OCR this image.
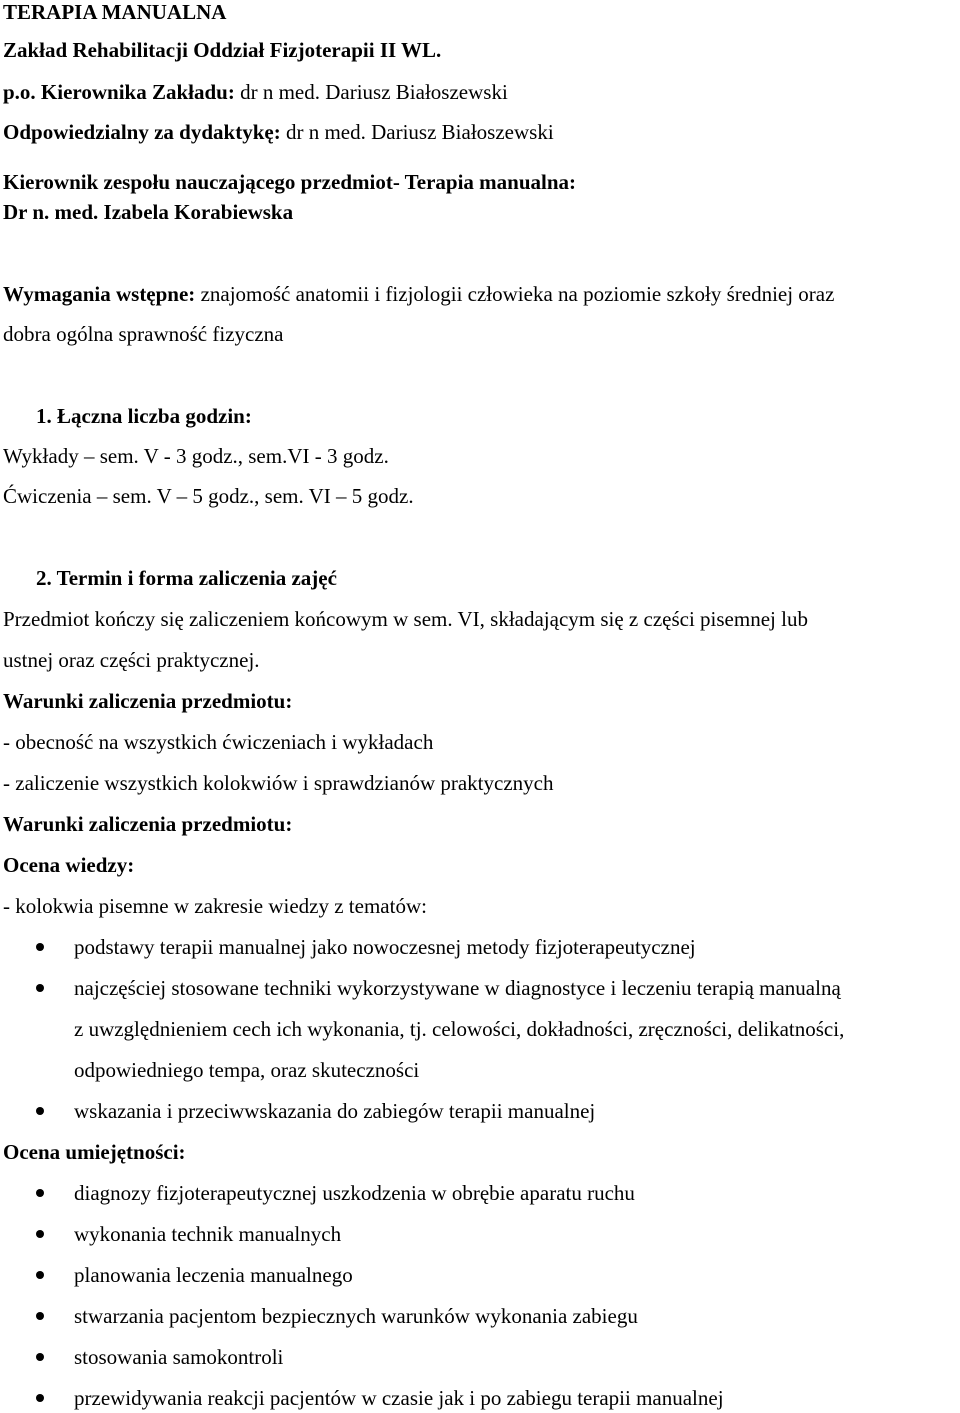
TERAPIA MANUALNA
Zakład Rehabilitacji Oddział Fizjoterapii II WL.
p.o. Kierownika Zakładu: dr n med. Dariusz Białoszewski
Odpowiedzialny za dydaktykę: dr n med. Dariusz Białoszewski
Kierownik zespołu nauczającego przedmiot- Terapia manualna:
Dr n. med. Izabela Korabiewska
Wymagania wstępne: znajomość anatomii i fizjologii człowieka na poziomie szkoły średniej oraz
dobra ogólna sprawność fizyczna
1. Łączna liczba godzin:
Wykłady – sem. V - 3 godz., sem.VI - 3 godz.
Ćwiczenia – sem. V – 5 godz., sem. VI – 5 godz.
2. Termin i forma zaliczenia zajęć
Przedmiot kończy się zaliczeniem końcowym w sem. VI, składającym się z części pisemnej lub
ustnej oraz części praktycznej.
Warunki zaliczenia przedmiotu:
- obecność na wszystkich ćwiczeniach i wykładach
- zaliczenie wszystkich kolokwiów i sprawdzianów praktycznych
Warunki zaliczenia przedmiotu:
Ocena wiedzy:
- kolokwia pisemne w zakresie wiedzy z tematów:
podstawy terapii manualnej jako nowoczesnej metody fizjoterapeutycznej
najczęściej stosowane techniki wykorzystywane w diagnostyce i leczeniu terapią manualną
z uwzględnieniem cech ich wykonania, tj. celowości, dokładności, zręczności, delikatności,
odpowiedniego tempa, oraz skuteczności
wskazania i przeciwwskazania do zabiegów terapii manualnej
Ocena umiejętności:
diagnozy fizjoterapeutycznej uszkodzenia w obrębie aparatu ruchu
wykonania technik manualnych
planowania leczenia manualnego
stwarzania pacjentom bezpiecznych warunków wykonania zabiegu
stosowania samokontroli
przewidywania reakcji pacjentów w czasie jak i po zabiegu terapii manualnej
